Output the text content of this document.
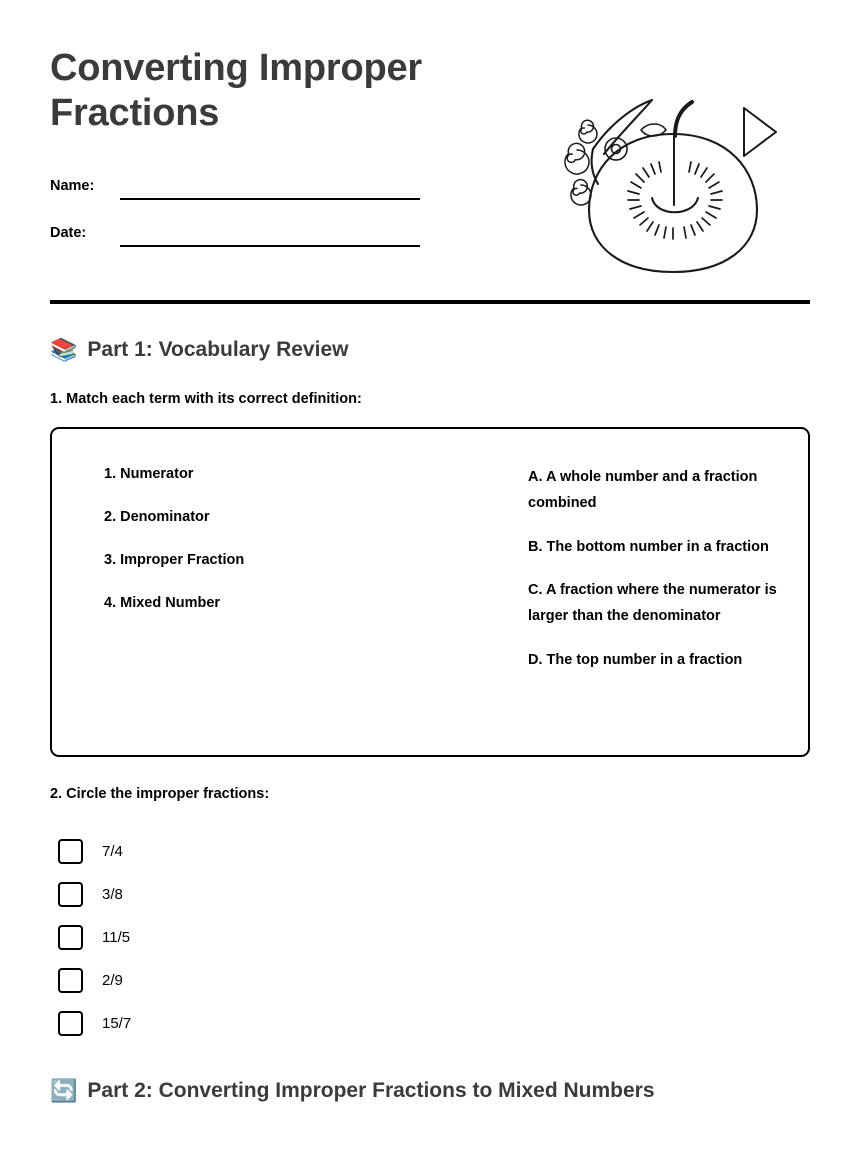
Converting Improper Fractions
Name:
Date:
📚 Part 1: Vocabulary Review
1. Match each term with its correct definition:
1. Numerator
2. Denominator
3. Improper Fraction
4. Mixed Number
A. A whole number and a fraction combined
B. The bottom number in a fraction
C. A fraction where the numerator is larger than the denominator
D. The top number in a fraction
2. Circle the improper fractions:
7/4
3/8
11/5
2/9
15/7
🔄 Part 2: Converting Improper Fractions to Mixed Numbers
